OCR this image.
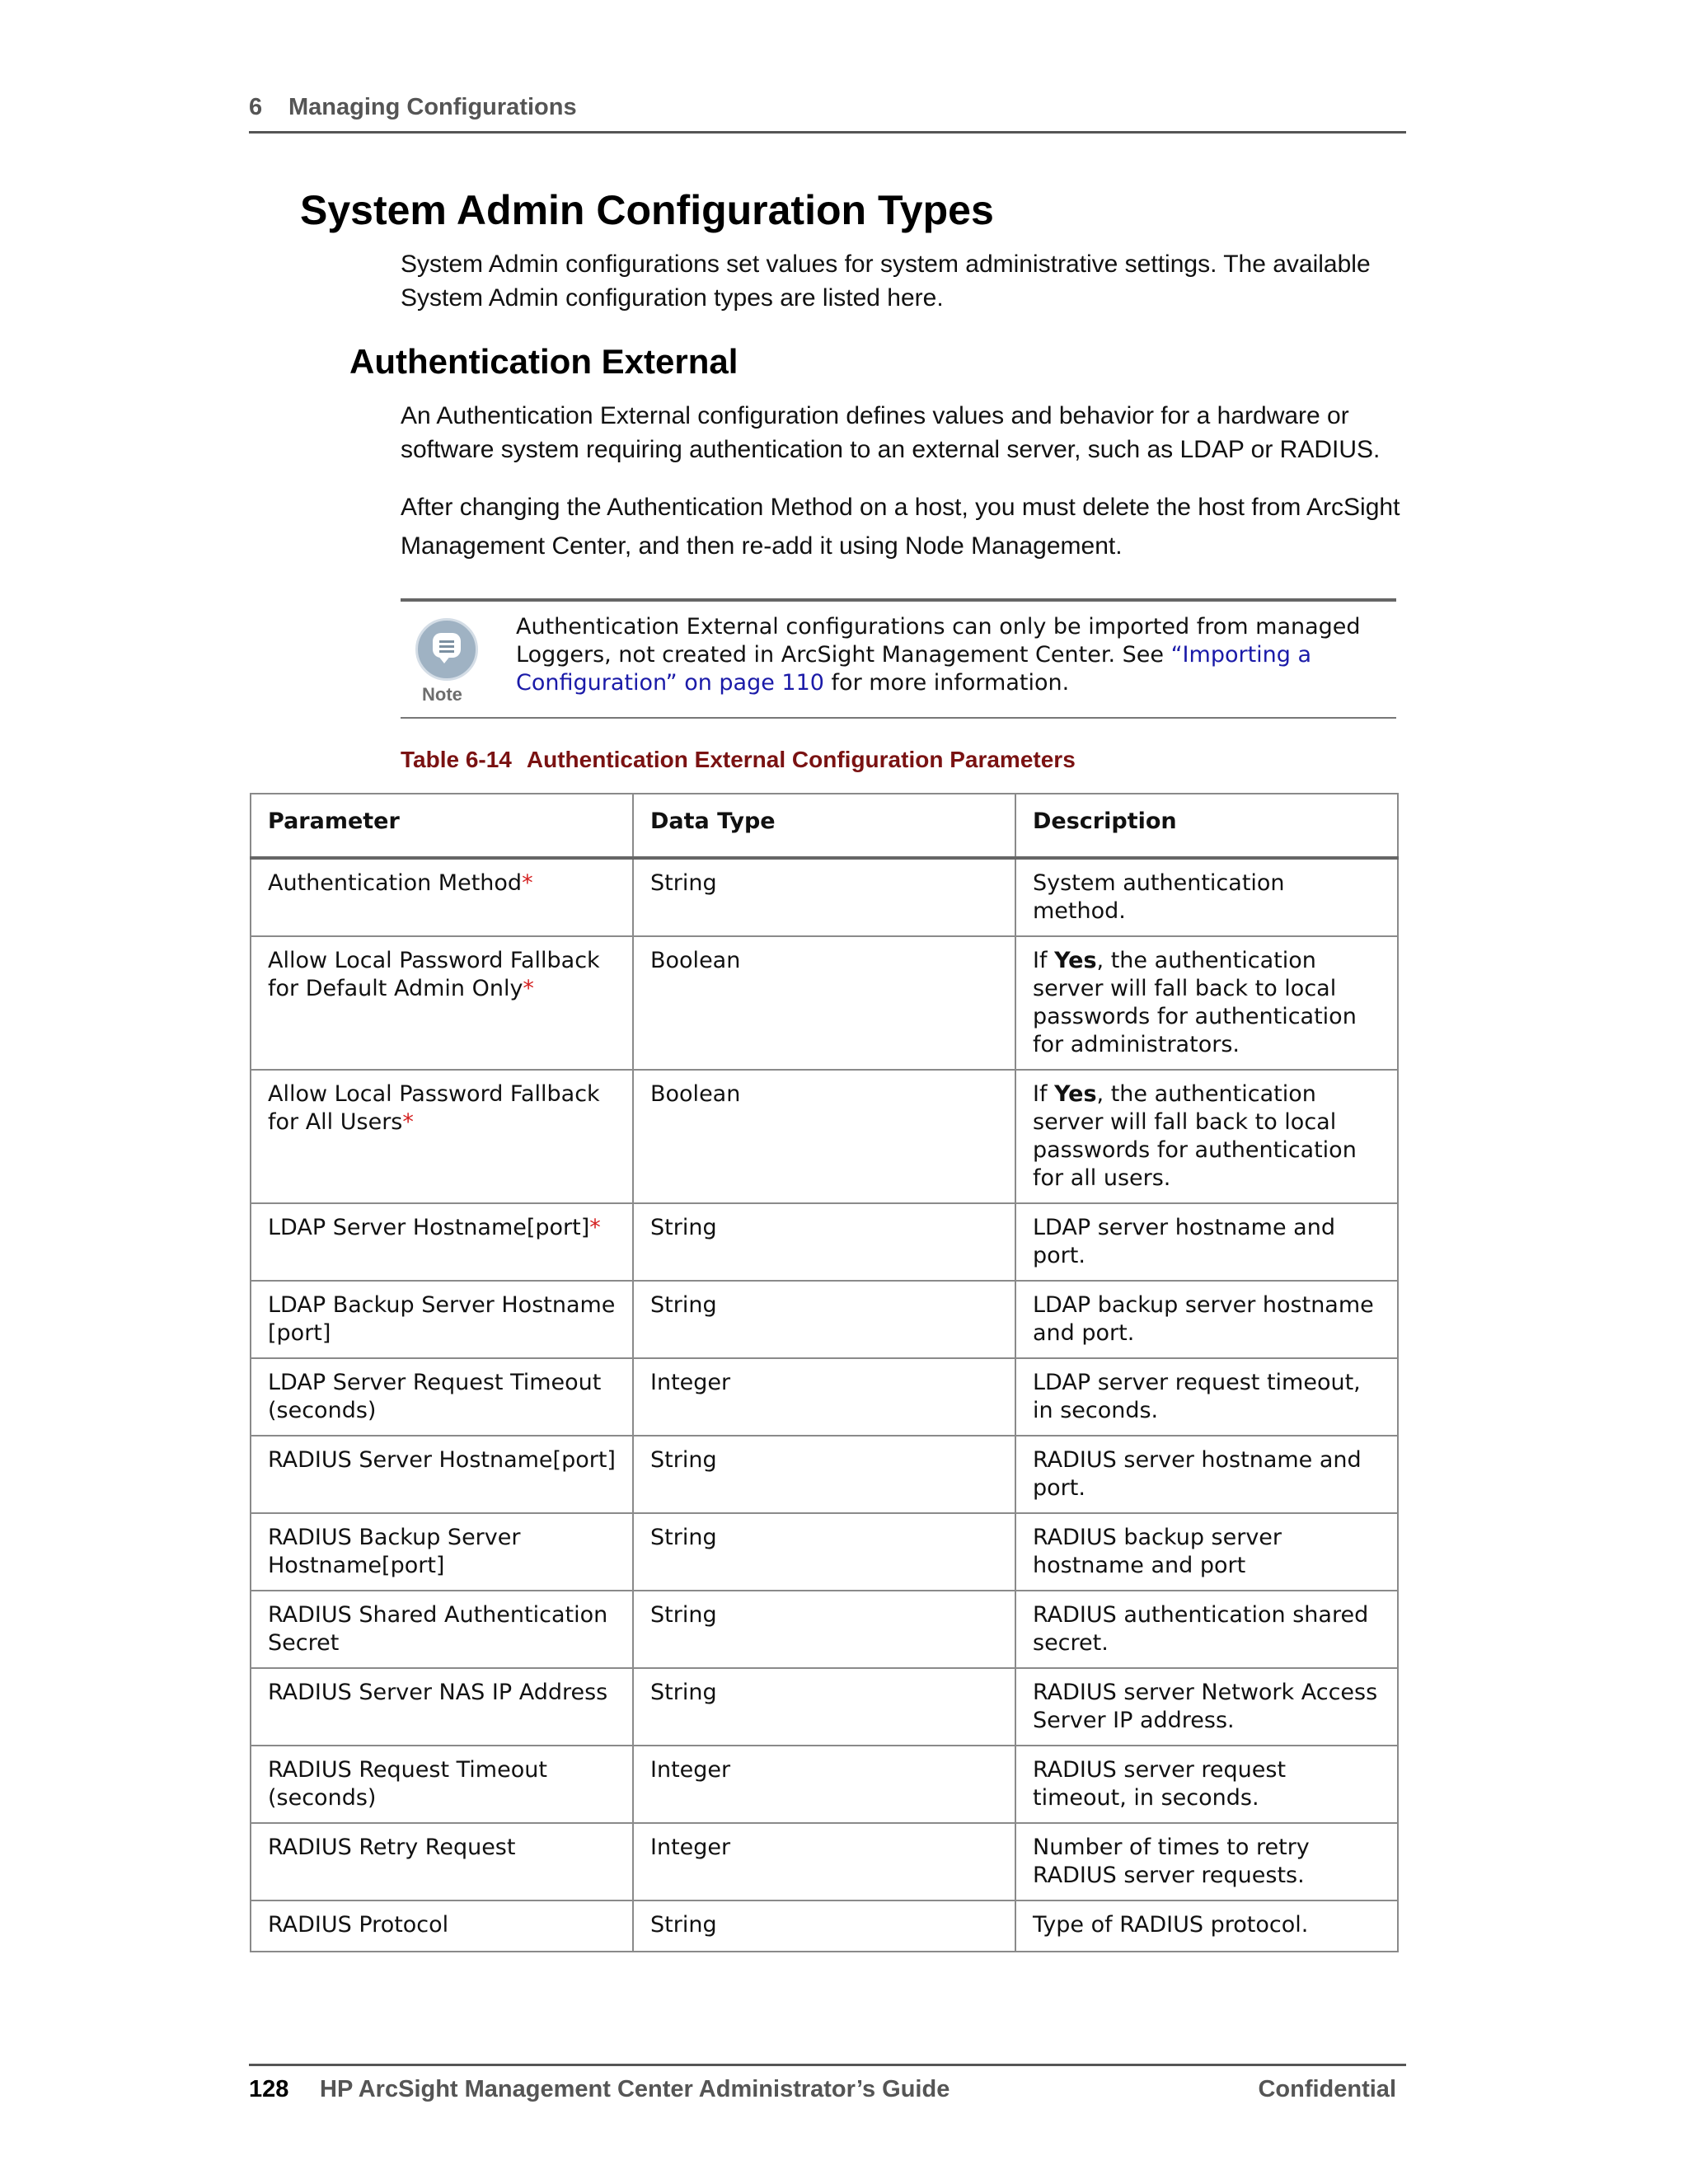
6 Managing Configurations
System Admin Configuration Types

System Admin configurations set values for system administrative settings. The available System Admin configuration types are listed here.

Authentication External

An Authentication External configuration defines values and behavior for a hardware or software system requiring authentication to an external server, such as LDAP or RADIUS.

After changing the Authentication Method on a host, you must delete the host from ArcSight Management Center, and then re-add it using Node Management.

Note
Authentication External configurations can only be imported from managed Loggers, not created in ArcSight Management Center. See “Importing a Configuration” on page 110 for more information.
Table 6-14 Authentication External Configuration Parameters
Parameter	Data Type	Description
Authentication Method*	String	System authentication method.
Allow Local Password Fallback for Default Admin Only*	Boolean	If Yes, the authentication server will fall back to local passwords for authentication for administrators.
Allow Local Password Fallback for All Users*	Boolean	If Yes, the authentication server will fall back to local passwords for authentication for all users.
LDAP Server Hostname[port]*	String	LDAP server hostname and port.
LDAP Backup Server Hostname [port]	String	LDAP backup server hostname and port.
LDAP Server Request Timeout (seconds)	Integer	LDAP server request timeout, in seconds.
RADIUS Server Hostname[port]	String	RADIUS server hostname and port.
RADIUS Backup Server Hostname[port]	String	RADIUS backup server hostname and port
RADIUS Shared Authentication Secret	String	RADIUS authentication shared secret.
RADIUS Server NAS IP Address	String	RADIUS server Network Access Server IP address.
RADIUS Request Timeout (seconds)	Integer	RADIUS server request timeout, in seconds.
RADIUS Retry Request	Integer	Number of times to retry RADIUS server requests.
RADIUS Protocol	String	Type of RADIUS protocol.
128 HP ArcSight Management Center Administrator’s Guide	Confidential
